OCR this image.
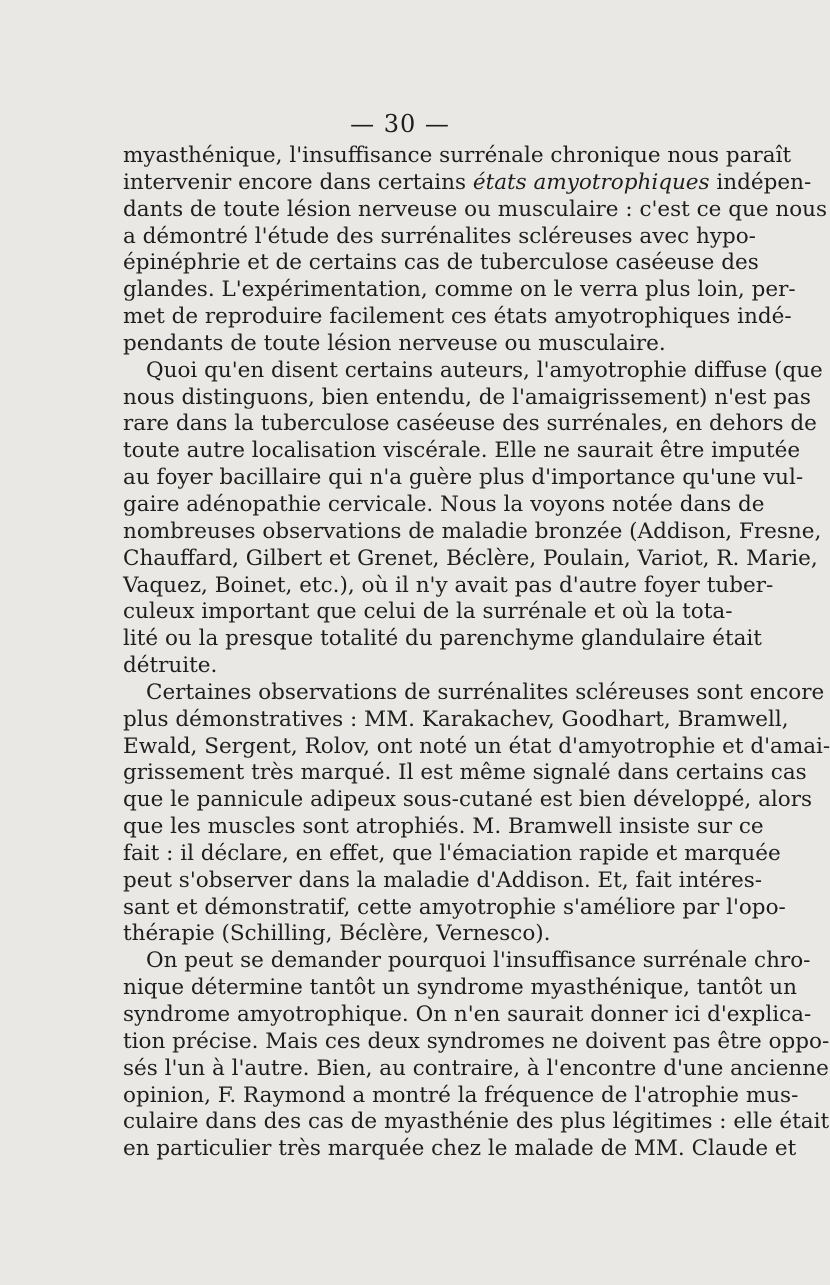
— 30 —
myasthénique, l'insuffisance surrénale chronique nous paraît
intervenir encore dans certains états amyotrophiques indépen-
dants de toute lésion nerveuse ou musculaire : c'est ce que nous
a démontré l'étude des surrénalites scléreuses avec hypo-
épinéphrie et de certains cas de tuberculose caséeuse des
glandes. L'expérimentation, comme on le verra plus loin, per-
met de reproduire facilement ces états amyotrophiques indé-
pendants de toute lésion nerveuse ou musculaire.
Quoi qu'en disent certains auteurs, l'amyotrophie diffuse (que
nous distinguons, bien entendu, de l'amaigrissement) n'est pas
rare dans la tuberculose caséeuse des surrénales, en dehors de
toute autre localisation viscérale. Elle ne saurait être imputée
au foyer bacillaire qui n'a guère plus d'importance qu'une vul-
gaire adénopathie cervicale. Nous la voyons notée dans de
nombreuses observations de maladie bronzée (Addison, Fresne,
Chauffard, Gilbert et Grenet, Béclère, Poulain, Variot, R. Marie,
Vaquez, Boinet, etc.), où il n'y avait pas d'autre foyer tuber-
culeux important que celui de la surrénale et où la tota-
lité ou la presque totalité du parenchyme glandulaire était
détruite.
Certaines observations de surrénalites scléreuses sont encore
plus démonstratives : MM. Karakachev, Goodhart, Bramwell,
Ewald, Sergent, Rolov, ont noté un état d'amyotrophie et d'amai-
grissement très marqué. Il est même signalé dans certains cas
que le pannicule adipeux sous-cutané est bien développé, alors
que les muscles sont atrophiés. M. Bramwell insiste sur ce
fait : il déclare, en effet, que l'émaciation rapide et marquée
peut s'observer dans la maladie d'Addison. Et, fait intéres-
sant et démonstratif, cette amyotrophie s'améliore par l'opo-
thérapie (Schilling, Béclère, Vernesco).
On peut se demander pourquoi l'insuffisance surrénale chro-
nique détermine tantôt un syndrome myasthénique, tantôt un
syndrome amyotrophique. On n'en saurait donner ici d'explica-
tion précise. Mais ces deux syndromes ne doivent pas être oppo-
sés l'un à l'autre. Bien, au contraire, à l'encontre d'une ancienne
opinion, F. Raymond a montré la fréquence de l'atrophie mus-
culaire dans des cas de myasthénie des plus légitimes : elle était
en particulier très marquée chez le malade de MM. Claude et
